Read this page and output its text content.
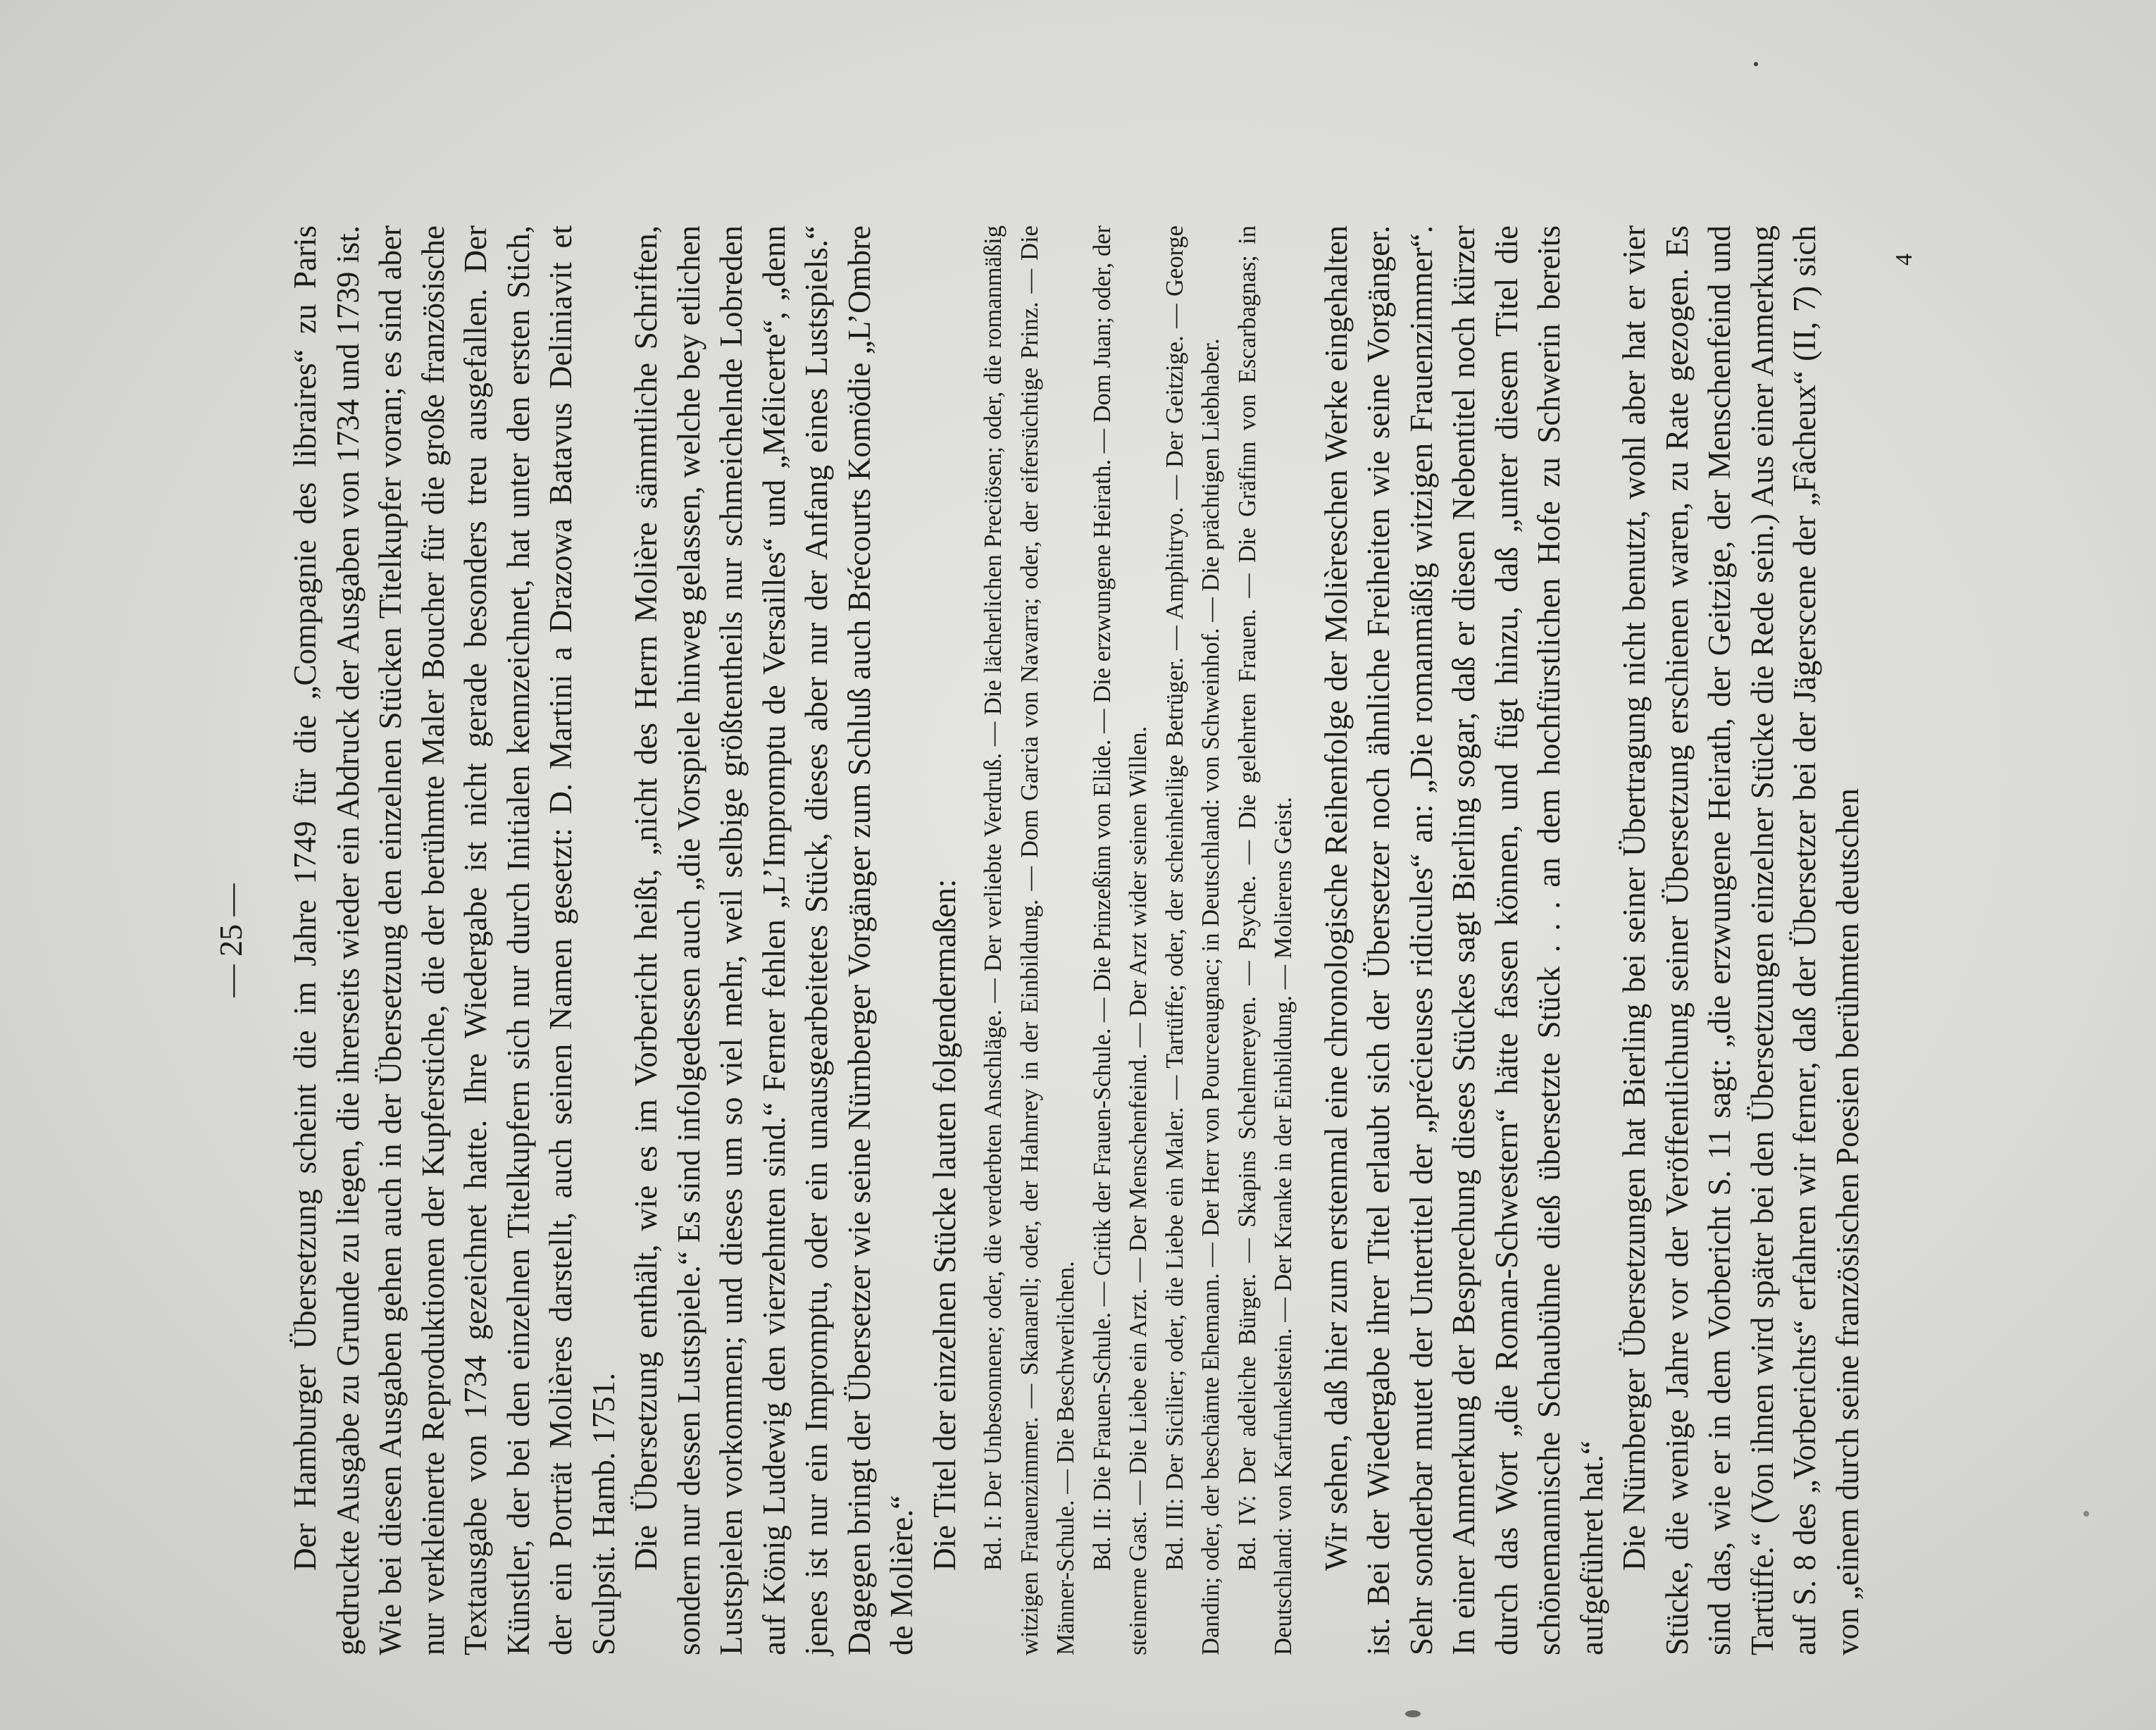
— 25 — Der Hamburger Übersetzung scheint die im Jahre 1749 für die „Compagnie des libraires“ zu Paris gedruckte Ausgabe zu Grunde zu liegen, die ihrerseits wieder ein Abdruck der Ausgaben von 1734 und 1739 ist. Wie bei diesen Ausgaben gehen auch in der Übersetzung den einzelnen Stücken Titelkupfer voran; es sind aber nur verkleinerte Reproduktionen der Kupferstiche, die der berühmte Maler Boucher für die große französische Textausgabe von 1734 gezeichnet hatte. Ihre Wiedergabe ist nicht gerade besonders treu ausgefallen. Der Künstler, der bei den einzelnen Titelkupfern sich nur durch Initialen kennzeichnet, hat unter den ersten Stich, der ein Porträt Molières darstellt, auch seinen Namen gesetzt: D. Martini a Drazowa Batavus Deliniavit et Sculpsit. Hamb. 1751. Die Übersetzung enthält, wie es im Vorbericht heißt, „nicht des Herrn Molière sämmtliche Schriften, sondern nur dessen Lustspiele.“ Es sind infolgedessen auch „die Vorspiele hinweg gelassen, welche bey etlichen Lustspielen vorkommen; und dieses um so viel mehr, weil selbige größtentheils nur schmeichelnde Lobreden auf König Ludewig den vierzehnten sind.“ Ferner fehlen „L’Impromptu de Versailles“ und „Mélicerte“, „denn jenes ist nur ein Impromptu, oder ein unausgearbeitetes Stück, dieses aber nur der Anfang eines Lustspiels.“ Dagegen bringt der Übersetzer wie seine Nürnberger Vorgänger zum Schluß auch Brécourts Komödie „L’Ombre de Molière.“

Die Titel der einzelnen Stücke lauten folgendermaßen: Bd. I: Der Unbesonnene; oder, die verderbten Anschläge. — Der verliebte Verdruß. — Die lächerlichen Preciösen; oder, die romanmäßig witzigen Frauenzimmer. — Skanarell; oder, der Hahnrey in der Einbildung. — Dom Garcia von Navarra; oder, der eifersüchtige Prinz. — Die Männer-Schule. — Die Beschwerlichen. Bd. II: Die Frauen-Schule. — Critik der Frauen-Schule. — Die Prinzeßinn von Elide. — Die erzwungene Heirath. — Dom Juan; oder, der steinerne Gast. — Die Liebe ein Arzt. — Der Menschenfeind. — Der Arzt wider seinen Willen. Bd. III: Der Sicilier; oder, die Liebe ein Maler. — Tartüffe; oder, der scheinheilige Betrüger. — Amphitryo. — Der Geitzige. — George Dandin; oder, der beschämte Ehemann. — Der Herr von Pourceaugnac; in Deutschland: von Schweinhof. — Die prächtigen Liebhaber. Bd. IV: Der adeliche Bürger. — Skapins Schelmereyen. — Psyche. — Die gelehrten Frauen. — Die Gräfinn von Escarbagnas; in Deutschland: von Karfunkelstein. — Der Kranke in der Einbildung. — Molierens Geist. Wir sehen, daß hier zum erstenmal eine chronologische Reihenfolge der Molièreschen Werke eingehalten ist. Bei der Wiedergabe ihrer Titel erlaubt sich der Übersetzer noch ähnliche Freiheiten wie seine Vorgänger. Sehr sonderbar mutet der Untertitel der „précieuses ridicules“ an: „Die romanmäßig witzigen Frauenzimmer“. In einer Anmerkung der Besprechung dieses Stückes sagt Bierling sogar, daß er diesen Nebentitel noch kürzer durch das Wort „die Roman-Schwestern“ hätte fassen können, und fügt hinzu, daß „unter diesem Titel die schönemannische Schaubühne dieß übersetzte Stück . . . an dem hochfürstlichen Hofe zu Schwerin bereits aufgeführet hat.“ Die Nürnberger Übersetzungen hat Bierling bei seiner Übertragung nicht benutzt, wohl aber hat er vier Stücke, die wenige Jahre vor der Veröffentlichung seiner Übersetzung erschienen waren, zu Rate gezogen. Es sind das, wie er in dem Vorbericht S. 11 sagt: „die erzwungene Heirath, der Geitzige, der Menschenfeind und Tartüffe.“ (Von ihnen wird später bei den Übersetzungen einzelner Stücke die Rede sein.) Aus einer Anmerkung auf S. 8 des „Vorberichts“ erfahren wir ferner, daß der Übersetzer bei der Jägerscene der „Fâcheux“ (II, 7) sich von „einem durch seine französischen Poesien berühmten deutschen

4
